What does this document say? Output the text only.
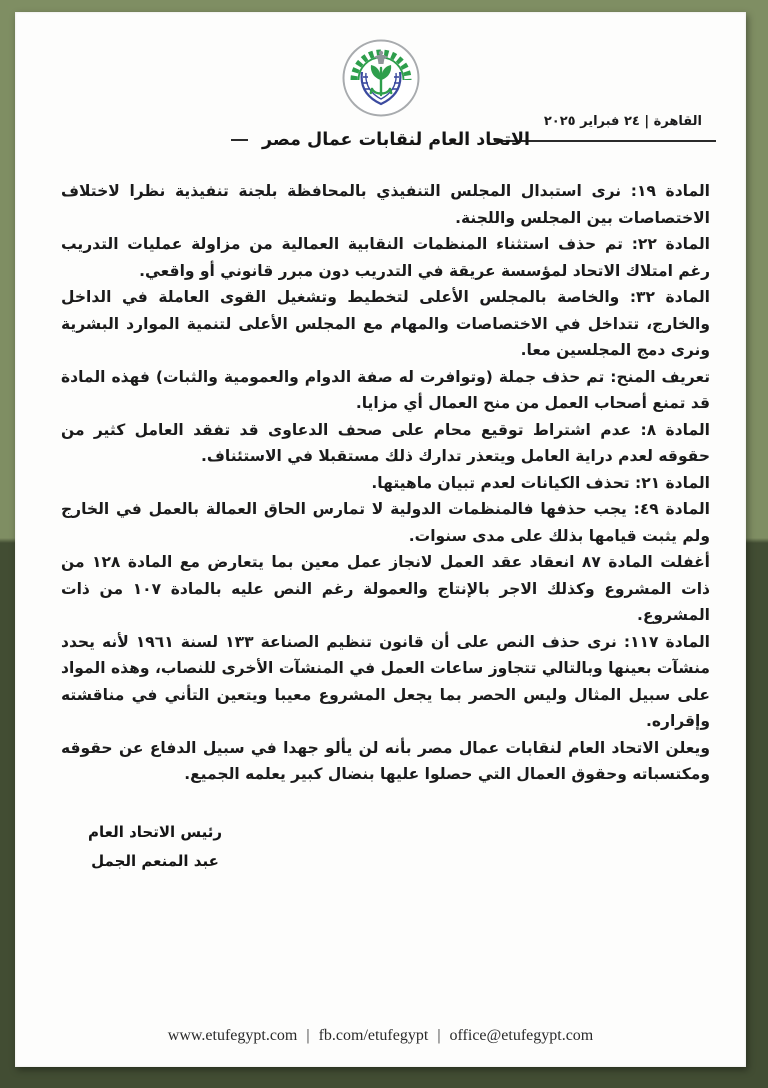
القاهرة | ٢٤ فبراير ٢٠٢٥
الاتحاد العام لنقابات عمال مصر

المادة ١٩: نرى استبدال المجلس التنفيذي بالمحافظة بلجنة تنفيذية نظرا لاختلاف الاختصاصات بين المجلس واللجنة.

المادة ٢٢: تم حذف استثناء المنظمات النقابية العمالية من مزاولة عمليات التدريب رغم امتلاك الاتحاد لمؤسسة عريقة في التدريب دون مبرر قانوني أو واقعي.

المادة ٣٢: والخاصة بالمجلس الأعلى لتخطيط وتشغيل القوى العاملة في الداخل والخارج، تتداخل في الاختصاصات والمهام مع المجلس الأعلى لتنمية الموارد البشرية ونرى دمج المجلسين معا.

تعريف المنح: تم حذف جملة (وتوافرت له صفة الدوام والعمومية والثبات) فهذه المادة قد تمنع أصحاب العمل من منح العمال أي مزايا.

المادة ٨: عدم اشتراط توقيع محام على صحف الدعاوى قد تفقد العامل كثير من حقوقه لعدم دراية العامل ويتعذر تدارك ذلك مستقبلا في الاستئناف.

المادة ٢١: تحذف الكيانات لعدم تبيان ماهيتها.

المادة ٤٩: يجب حذفها فالمنظمات الدولية لا تمارس الحاق العمالة بالعمل في الخارج ولم يثبت قيامها بذلك على مدى سنوات.

أغفلت المادة ٨٧ انعقاد عقد العمل لانجاز عمل معين بما يتعارض مع المادة ١٢٨ من ذات المشروع وكذلك الاجر بالإنتاج والعمولة رغم النص عليه بالمادة ١٠٧ من ذات المشروع.

المادة ١١٧: نرى حذف النص على أن قانون تنظيم الصناعة ١٣٣ لسنة ١٩٦١ لأنه يحدد منشآت بعينها وبالتالي تتجاوز ساعات العمل في المنشآت الأخرى للنصاب، وهذه المواد على سبيل المثال وليس الحصر بما يجعل المشروع معيبا ويتعين التأني في مناقشته وإقراره.

ويعلن الاتحاد العام لنقابات عمال مصر بأنه لن يألو جهدا في سبيل الدفاع عن حقوقه ومكتسباته وحقوق العمال التي حصلوا عليها بنضال كبير يعلمه الجميع.

رئيس الاتحاد العام
عبد المنعم الجمل
www.etufegypt.com | fb.com/etufegypt | office@etufegypt.com
